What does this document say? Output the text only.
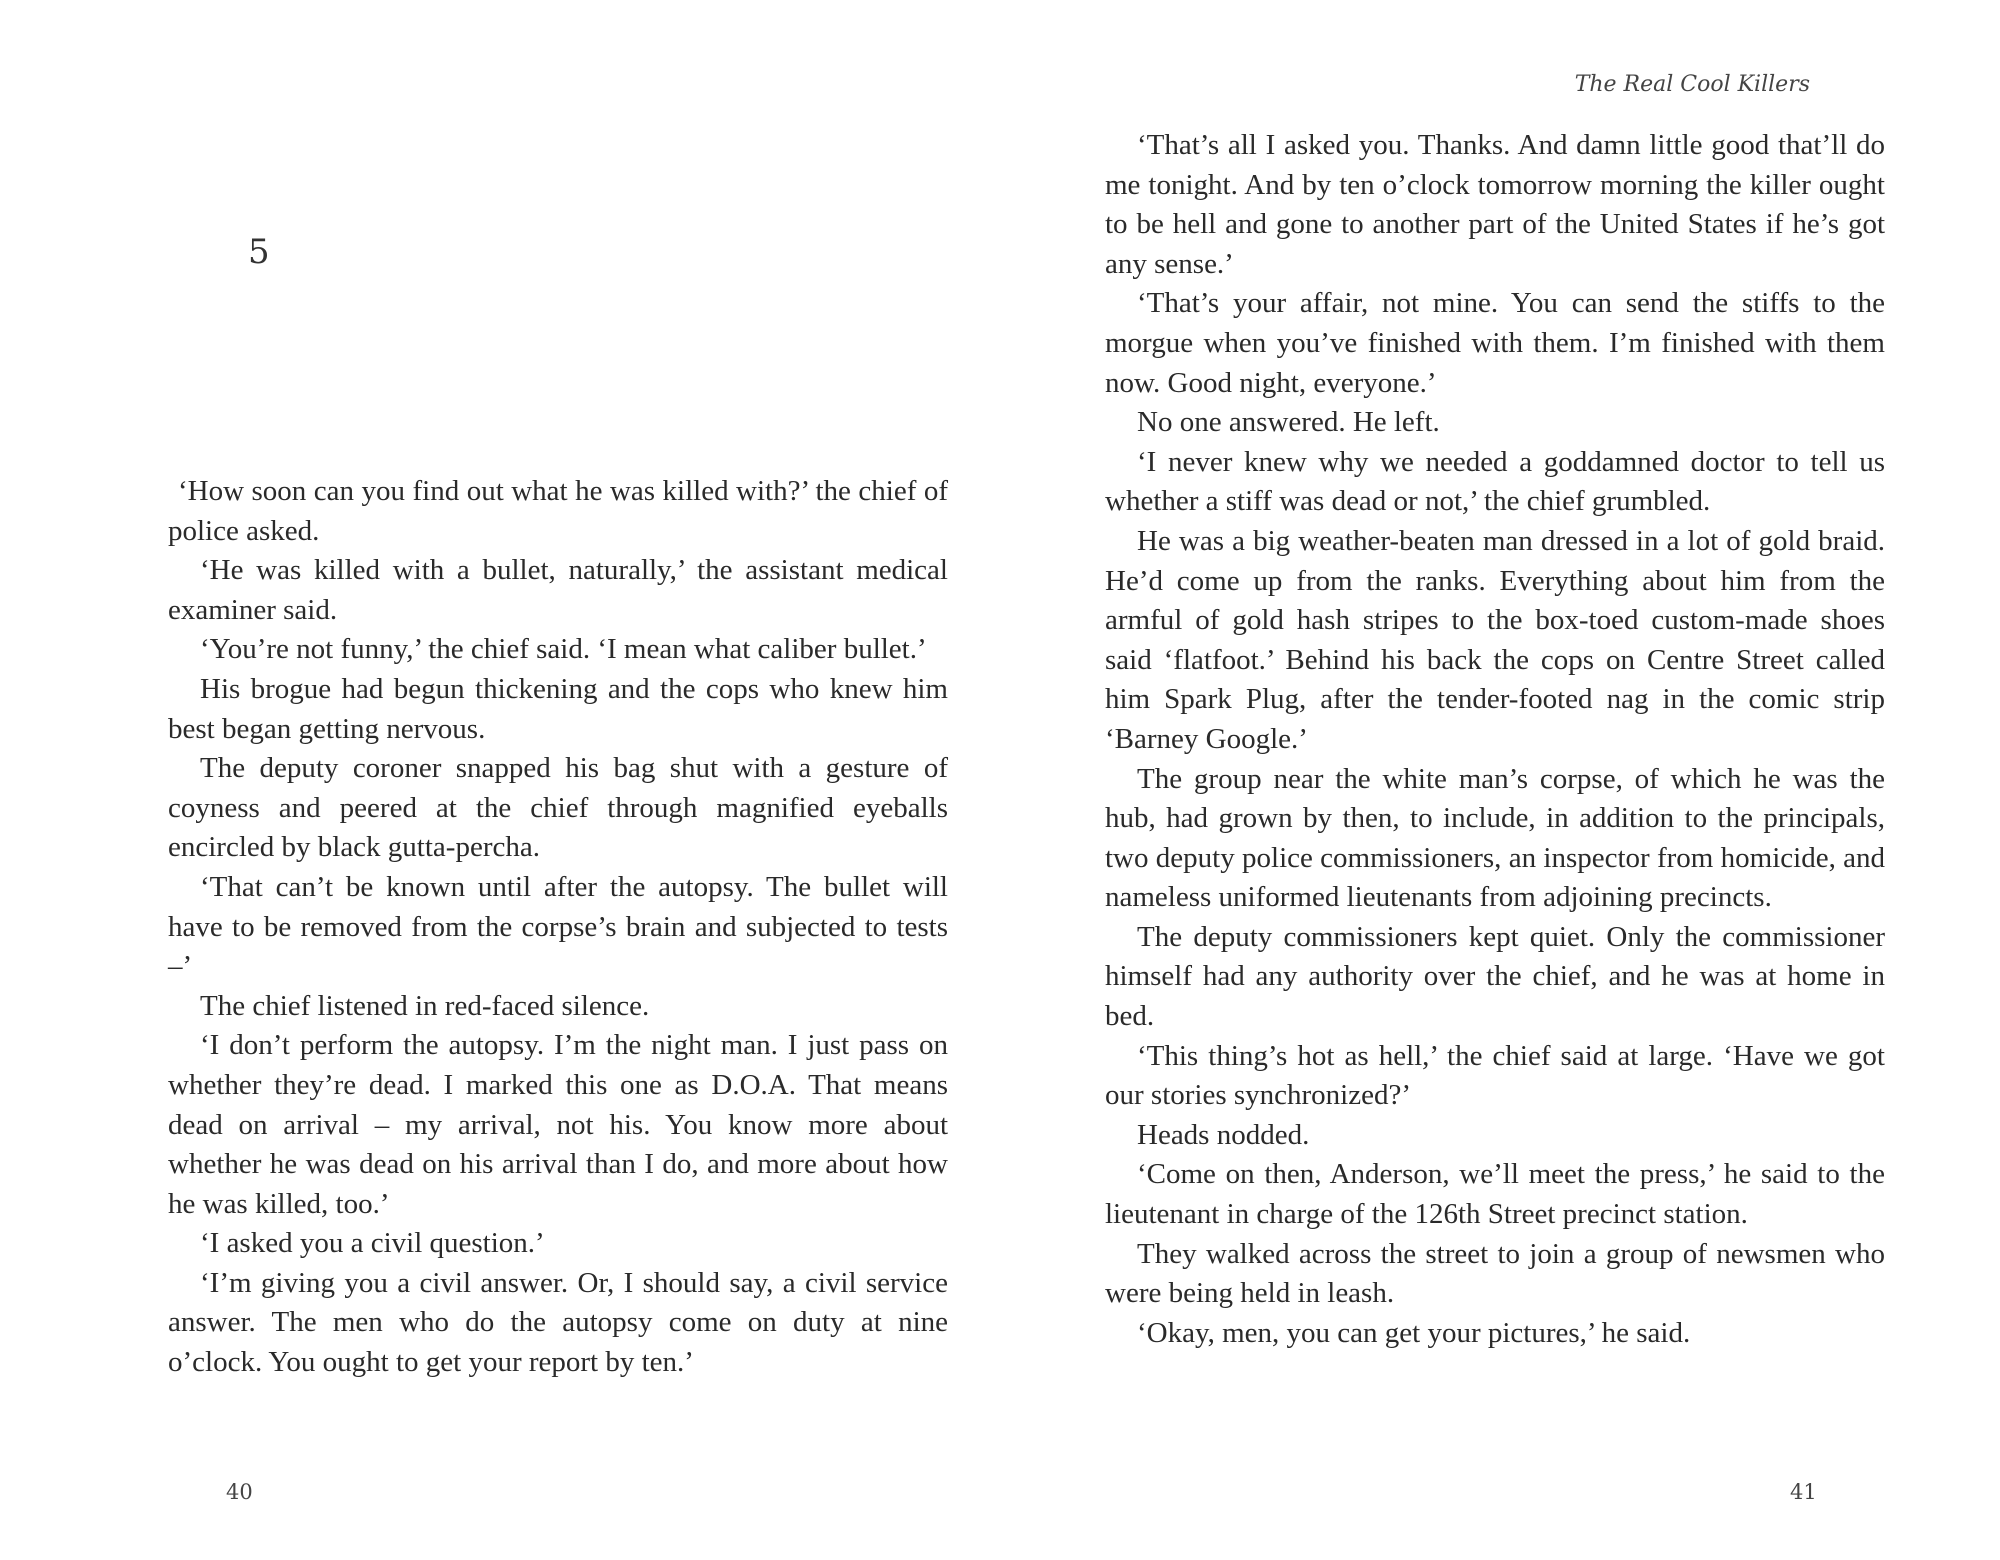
5

‘How soon can you find out what he was killed with?’ the chief of police asked.

‘He was killed with a bullet, naturally,’ the assistant medical examiner said.

‘You’re not funny,’ the chief said. ‘I mean what caliber bullet.’

His brogue had begun thickening and the cops who knew him best began getting nervous.

The deputy coroner snapped his bag shut with a gesture of coyness and peered at the chief through magnified eyeballs encircled by black gutta-percha.

‘That can’t be known until after the autopsy. The bullet will have to be removed from the corpse’s brain and subjected to tests –’

The chief listened in red-faced silence.

‘I don’t perform the autopsy. I’m the night man. I just pass on whether they’re dead. I marked this one as D.O.A. That means dead on arrival – my arrival, not his. You know more about whether he was dead on his arrival than I do, and more about how he was killed, too.’

‘I asked you a civil question.’

‘I’m giving you a civil answer. Or, I should say, a civil service answer. The men who do the autopsy come on duty at nine o’clock. You ought to get your report by ten.’

40
The Real Cool Killers

‘That’s all I asked you. Thanks. And damn little good that’ll do me tonight. And by ten o’clock tomorrow morning the killer ought to be hell and gone to another part of the United States if he’s got any sense.’

‘That’s your affair, not mine. You can send the stiffs to the morgue when you’ve finished with them. I’m finished with them now. Good night, everyone.’

No one answered. He left.

‘I never knew why we needed a goddamned doctor to tell us whether a stiff was dead or not,’ the chief grumbled.

He was a big weather-beaten man dressed in a lot of gold braid. He’d come up from the ranks. Everything about him from the armful of gold hash stripes to the box-toed custom-made shoes said ‘flatfoot.’ Behind his back the cops on Centre Street called him Spark Plug, after the tender-footed nag in the comic strip ‘Barney Google.’

The group near the white man’s corpse, of which he was the hub, had grown by then, to include, in addition to the principals, two deputy police commissioners, an inspector from homicide, and nameless uniformed lieutenants from adjoining precincts.

The deputy commissioners kept quiet. Only the commissioner himself had any authority over the chief, and he was at home in bed.

‘This thing’s hot as hell,’ the chief said at large. ‘Have we got our stories synchronized?’

Heads nodded.

‘Come on then, Anderson, we’ll meet the press,’ he said to the lieutenant in charge of the 126th Street precinct station.

They walked across the street to join a group of newsmen who were being held in leash.

‘Okay, men, you can get your pictures,’ he said.

41
